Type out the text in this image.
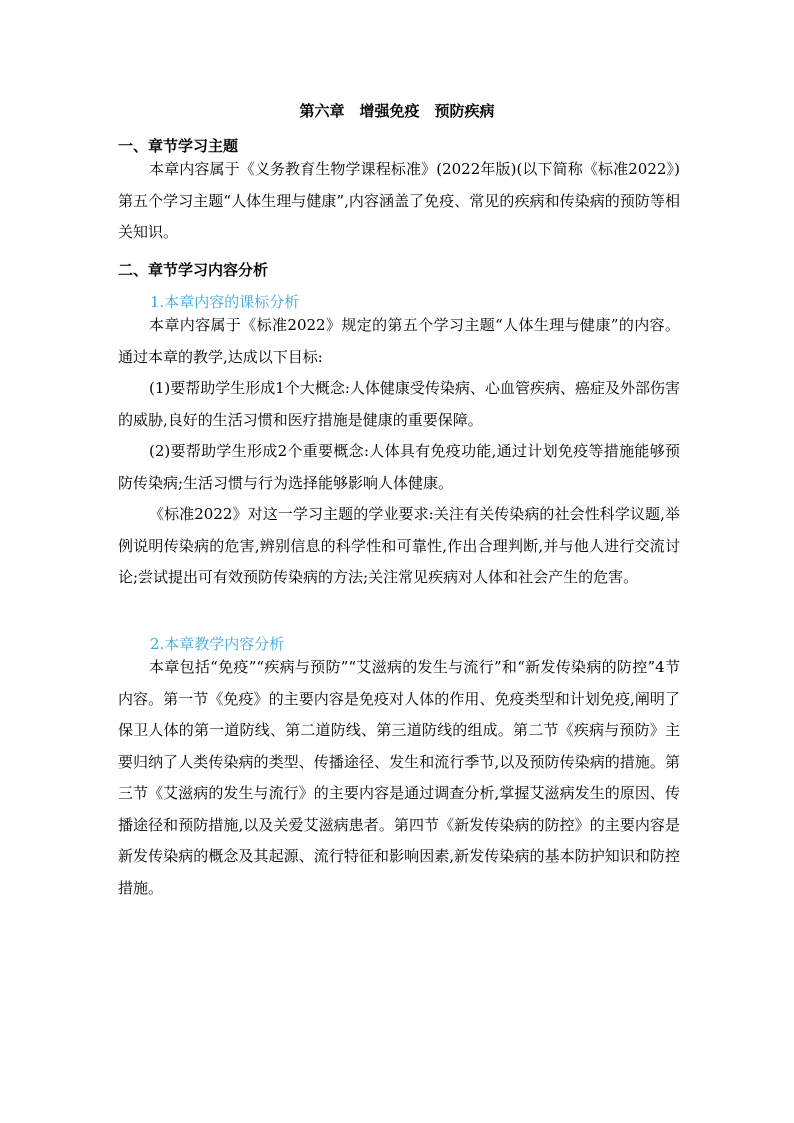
第六章　增强免疫　预防疾病
一、章节学习主题

本章内容属于《义务教育生物学课程标准》(2022年版)(以下简称《标准2022》)第五个学习主题“人体生理与健康”,内容涵盖了免疫、常见的疾病和传染病的预防等相关知识。

二、章节学习内容分析
1.本章内容的课标分析

本章内容属于《标准2022》规定的第五个学习主题“人体生理与健康”的内容。通过本章的教学,达成以下目标:

(1)要帮助学生形成1个大概念:人体健康受传染病、心血管疾病、癌症及外部伤害的威胁,良好的生活习惯和医疗措施是健康的重要保障。

(2)要帮助学生形成2个重要概念:人体具有免疫功能,通过计划免疫等措施能够预防传染病;生活习惯与行为选择能够影响人体健康。

《标准2022》对这一学习主题的学业要求:关注有关传染病的社会性科学议题,举例说明传染病的危害,辨别信息的科学性和可靠性,作出合理判断,并与他人进行交流讨论;尝试提出可有效预防传染病的方法;关注常见疾病对人体和社会产生的危害。

2.本章教学内容分析

本章包括“免疫”“疾病与预防”“艾滋病的发生与流行”和“新发传染病的防控”4节内容。第一节《免疫》的主要内容是免疫对人体的作用、免疫类型和计划免疫,阐明了保卫人体的第一道防线、第二道防线、第三道防线的组成。第二节《疾病与预防》主要归纳了人类传染病的类型、传播途径、发生和流行季节,以及预防传染病的措施。第三节《艾滋病的发生与流行》的主要内容是通过调查分析,掌握艾滋病发生的原因、传播途径和预防措施,以及关爱艾滋病患者。第四节《新发传染病的防控》的主要内容是新发传染病的概念及其起源、流行特征和影响因素,新发传染病的基本防护知识和防控措施。
